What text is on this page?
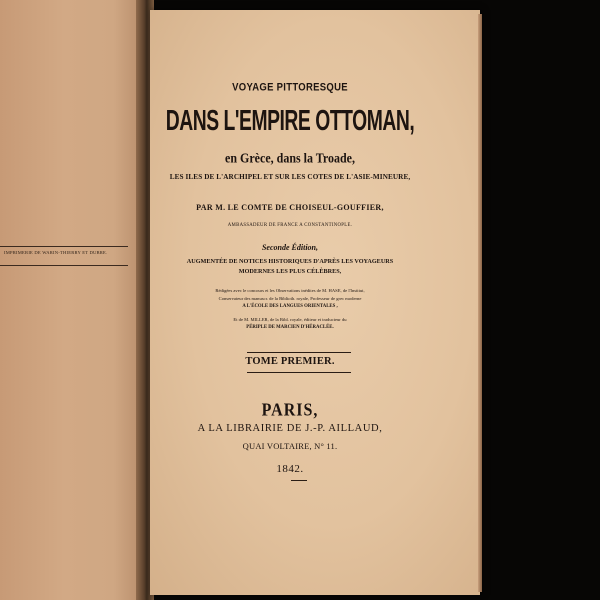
IMPRIMERIE DE WARIN-THIERRY ET DUBRE.
VOYAGE PITTORESQUE
DANS L'EMPIRE OTTOMAN,
en Grèce, dans la Troade,
LES ILES DE L'ARCHIPEL ET SUR LES COTES DE L'ASIE-MINEURE,
PAR M. LE COMTE DE CHOISEUL-GOUFFIER,
AMBASSADEUR DE FRANCE A CONSTANTINOPLE.
Seconde Édition,
AUGMENTÉE DE NOTICES HISTORIQUES D'APRÈS LES VOYAGEURS
MODERNES LES PLUS CÉLÈBRES,
Rédigées avec le concours et les Observations inédites de M. HASE, de l'Institut,
Conservateur des manuscr. de la Biblioth. royale, Professeur de grec moderne
A L'ÉCOLE DES LANGUES ORIENTALES ,
Et de M. MILLER, de la Bibl. royale, éditeur et traducteur du
PÉRIPLE DE MARCIEN D'HÉRACLÉE.
TOME PREMIER.
PARIS,
A LA LIBRAIRIE DE J.-P. AILLAUD,
QUAI VOLTAIRE, N° 11.
1842.
